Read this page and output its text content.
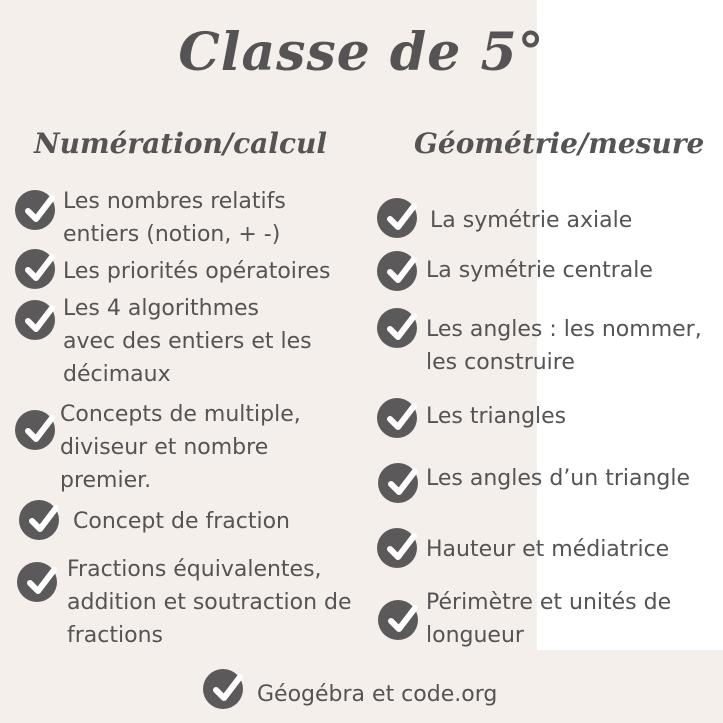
Classe de 5°
Numération/calcul	Géométrie/mesure
Les nombres relatifs
entiers (notion, + -)
Les priorités opératoires
Les 4 algorithmes
avec des entiers et les
décimaux
Concepts de multiple,
diviseur et nombre
premier.
Concept de fraction
Fractions équivalentes,
addition et soutraction de
fractions
La symétrie axiale
La symétrie centrale
Les angles : les nommer,
les construire
Les triangles
Les angles d’un triangle
Hauteur et médiatrice
Périmètre et unités de
longueur
Géogébra et code.org
